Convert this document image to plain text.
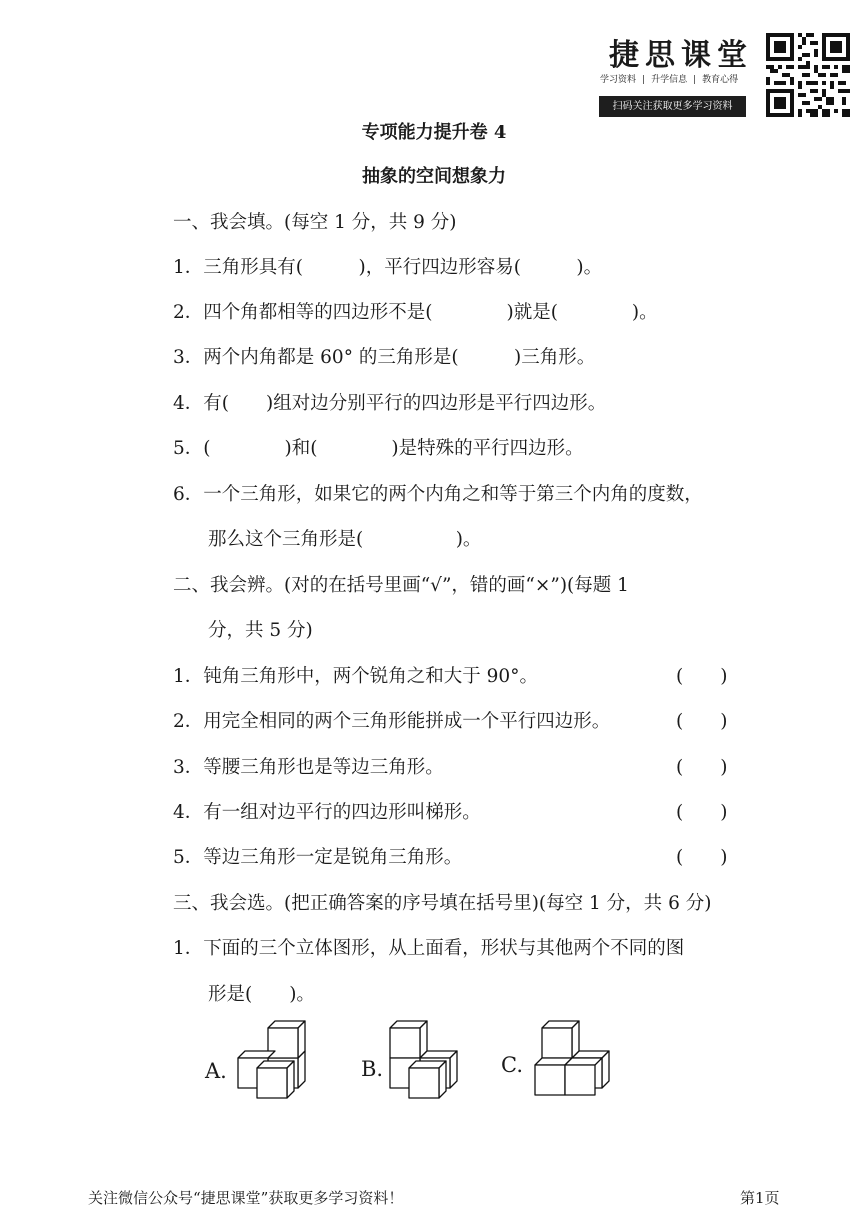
捷思课堂
学习资料 | 升学信息 | 教育心得
扫码关注获取更多学习资料
专项能力提升卷 4
抽象的空间想象力
一、我会填。(每空 1 分，共 9 分)
1．三角形具有(　　　)，平行四边形容易(　　　)。
2．四个角都相等的四边形不是(　　　　)就是(　　　　)。
3．两个内角都是 60° 的三角形是(　　　)三角形。
4．有(　　)组对边分别平行的四边形是平行四边形。
5．(　　　　)和(　　　　)是特殊的平行四边形。
6．一个三角形，如果它的两个内角之和等于第三个内角的度数，
那么这个三角形是(　　　　　)。
二、我会辨。(对的在括号里画“√”，错的画“×”)(每题 1
分，共 5 分)
1．钝角三角形中，两个锐角之和大于 90°。	(　　)
2．用完全相同的两个三角形能拼成一个平行四边形。	(　　)
3．等腰三角形也是等边三角形。	(　　)
4．有一组对边平行的四边形叫梯形。	(　　)
5．等边三角形一定是锐角三角形。	(　　)
三、我会选。(把正确答案的序号填在括号里)(每空 1 分，共 6 分)
1．下面的三个立体图形，从上面看，形状与其他两个不同的图
形是(　　)。
A.	B.	C.
关注微信公众号“捷思课堂”获取更多学习资料！	第1页
